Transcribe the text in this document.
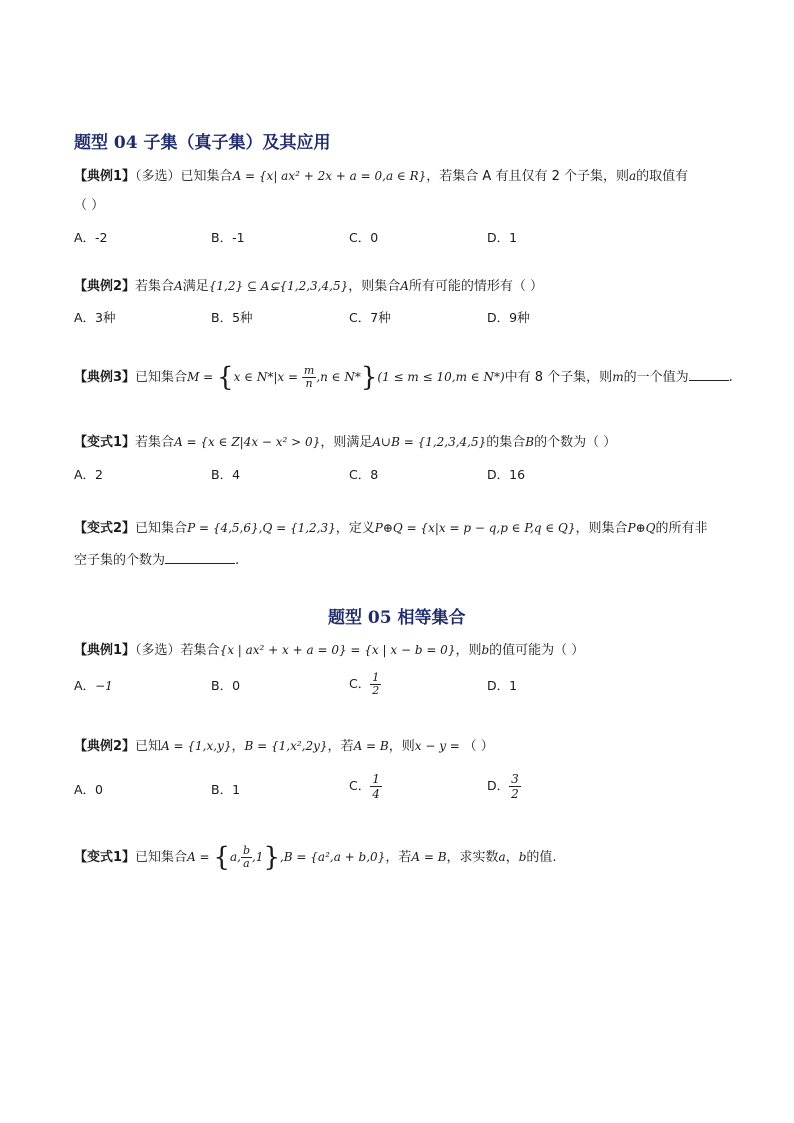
题型 04 子集（真子集）及其应用
【典例1】（多选）已知集合A = {x| ax² + 2x + a = 0,a ∈ R}，若集合 A 有且仅有 2 个子集，则a的取值有
（ ）
A．-2	B．-1	C．0	D．1
【典例2】若集合A满足{1,2} ⊆ A⊊{1,2,3,4,5}，则集合A所有可能的情形有（ ）
A．3种	B．5种	C．7种	D．9种
【典例3】已知集合M = {x ∈ $N*|x = \frac{m}{n} ,n$ ∈ N*}(1 ≤ m ≤ 10,m ∈ N*)中有 8 个子集，则m的一个值为	.
【变式1】若集合A = {x ∈ Z|4x − x² > 0}，则满足A∪B = {1,2,3,4,5}的集合B的个数为（ ）
A．2	B．4	C．8	D．16
【变式2】已知集合P = {4,5,6},Q = {1,2,3}，定义P⊕Q = {x|x = p − q,p ∈ P,q ∈ Q}，则集合P⊕Q的所有非
空子集的个数为	.
题型 05 相等集合
【典例1】（多选）若集合{x | ax² + x + a = 0} = {x | x − b = 0}，则b的值可能为（ ）
A．−1	B．0	C． $\frac{1}{2}$	D．1
【典例2】已知A = {1,x,y}，B = {1,x²,2y}，若A = B，则x − y = （ ）
A．0	B．1	C． $\frac{1}{4}$	D． $\frac{3}{2}$
【变式1】已知集合A = {a, $\frac{b}{a} ,1\},B = \{a^2,a + b,0\}$，若A = B，求实数a，b的值.
